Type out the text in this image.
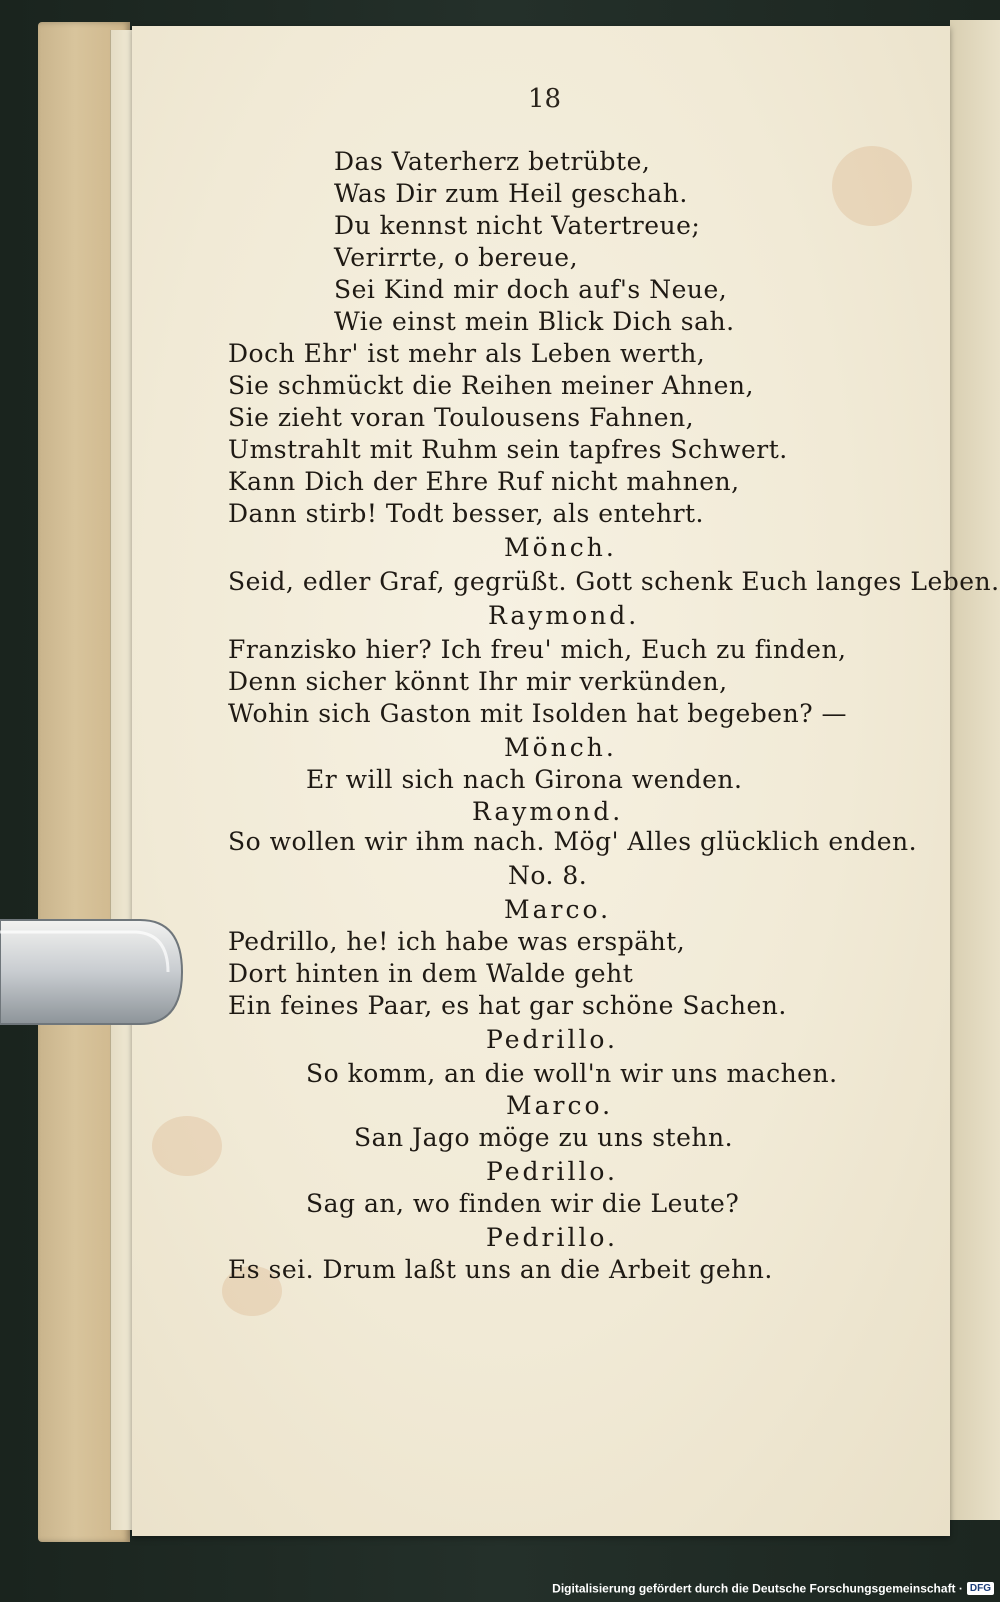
18
Das Vaterherz betrübte,
Was Dir zum Heil geschah.
Du kennst nicht Vatertreue;
Verirrte, o bereue,
Sei Kind mir doch auf's Neue,
Wie einst mein Blick Dich sah.
Doch Ehr' ist mehr als Leben werth,
Sie schmückt die Reihen meiner Ahnen,
Sie zieht voran Toulousens Fahnen,
Umstrahlt mit Ruhm sein tapfres Schwert.
Kann Dich der Ehre Ruf nicht mahnen,
Dann stirb! Todt besser, als entehrt.
Mönch.
Seid, edler Graf, gegrüßt. Gott schenk Euch langes Leben.
Raymond.
Franzisko hier? Ich freu' mich, Euch zu finden,
Denn sicher könnt Ihr mir verkünden,
Wohin sich Gaston mit Isolden hat begeben? —
Mönch.
Er will sich nach Girona wenden.
Raymond.
So wollen wir ihm nach. Mög' Alles glücklich enden.
No. 8.
Marco.
Pedrillo, he! ich habe was erspäht,
Dort hinten in dem Walde geht
Ein feines Paar, es hat gar schöne Sachen.
Pedrillo.
So komm, an die woll'n wir uns machen.
Marco.
San Jago möge zu uns stehn.
Pedrillo.
Sag an, wo finden wir die Leute?
Pedrillo.
Es sei. Drum laßt uns an die Arbeit gehn.
Digitalisierung gefördert durch die Deutsche Forschungsgemeinschaft · DFG
